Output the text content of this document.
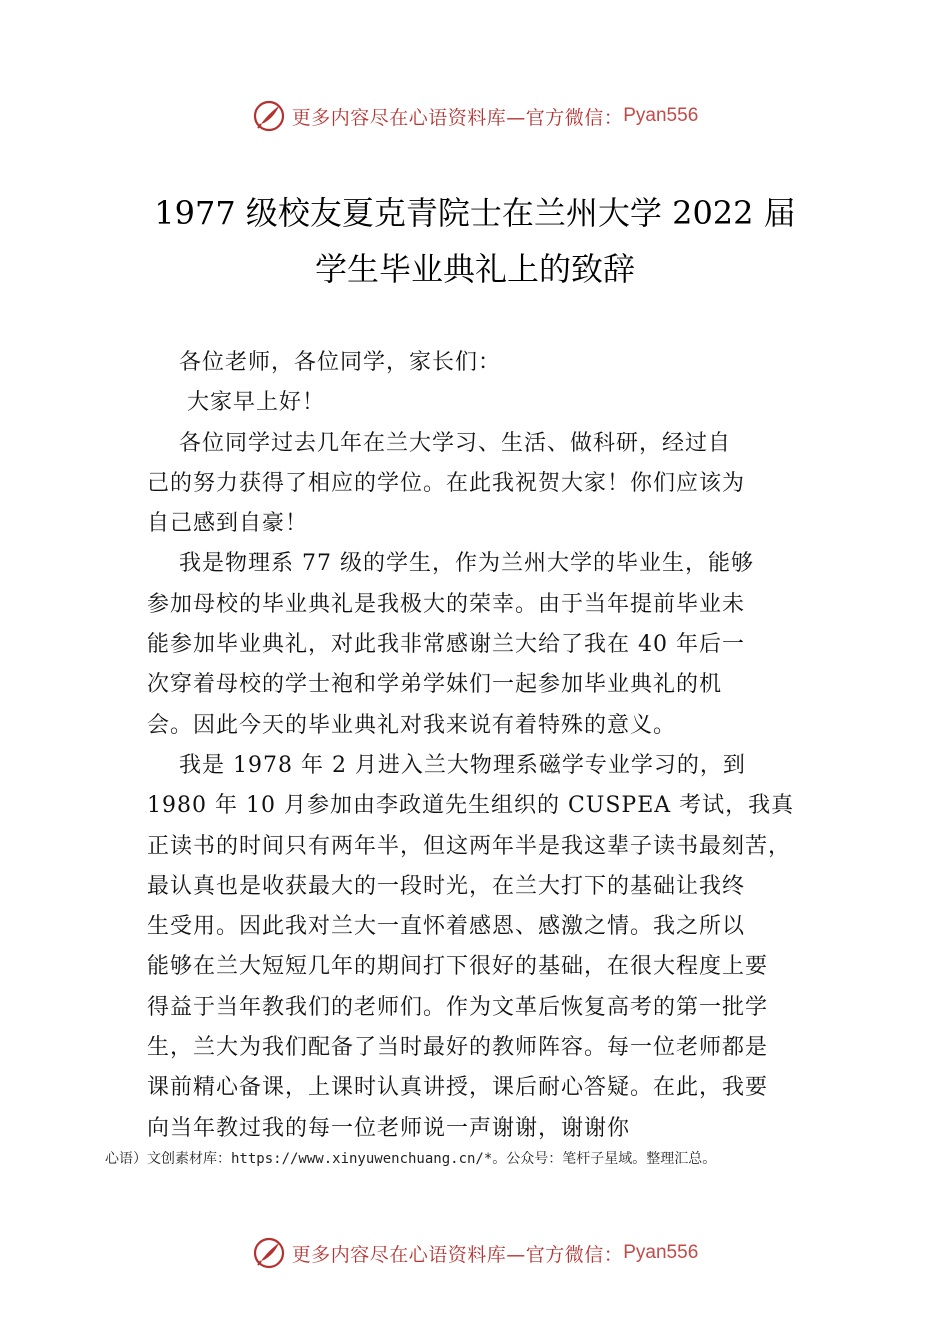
更多内容尽在心语资料库—官方微信： Pyan556
1977 级校友夏克青院士在兰州大学 2022 届
学生毕业典礼上的致辞
各位老师，各位同学，家长们：
大家早上好！
各位同学过去几年在兰大学习、生活、做科研，经过自
己的努力获得了相应的学位。在此我祝贺大家！你们应该为
自己感到自豪！
我是物理系 77 级的学生，作为兰州大学的毕业生，能够
参加母校的毕业典礼是我极大的荣幸。由于当年提前毕业未
能参加毕业典礼，对此我非常感谢兰大给了我在 40 年后一
次穿着母校的学士袍和学弟学妹们一起参加毕业典礼的机
会。因此今天的毕业典礼对我来说有着特殊的意义。
我是 1978 年 2 月进入兰大物理系磁学专业学习的，到
1980 年 10 月参加由李政道先生组织的 CUSPEA 考试，我真
正读书的时间只有两年半，但这两年半是我这辈子读书最刻苦，
最认真也是收获最大的一段时光，在兰大打下的基础让我终
生受用。因此我对兰大一直怀着感恩、感激之情。我之所以
能够在兰大短短几年的期间打下很好的基础，在很大程度上要
得益于当年教我们的老师们。作为文革后恢复高考的第一批学
生，兰大为我们配备了当时最好的教师阵容。每一位老师都是
课前精心备课，上课时认真讲授，课后耐心答疑。在此，我要
向当年教过我的每一位老师说一声谢谢，谢谢你
心语）文创素材库：https://www.xinyuwenchuang.cn/*。公众号：笔杆子星域。整理汇总。
更多内容尽在心语资料库—官方微信： Pyan556
